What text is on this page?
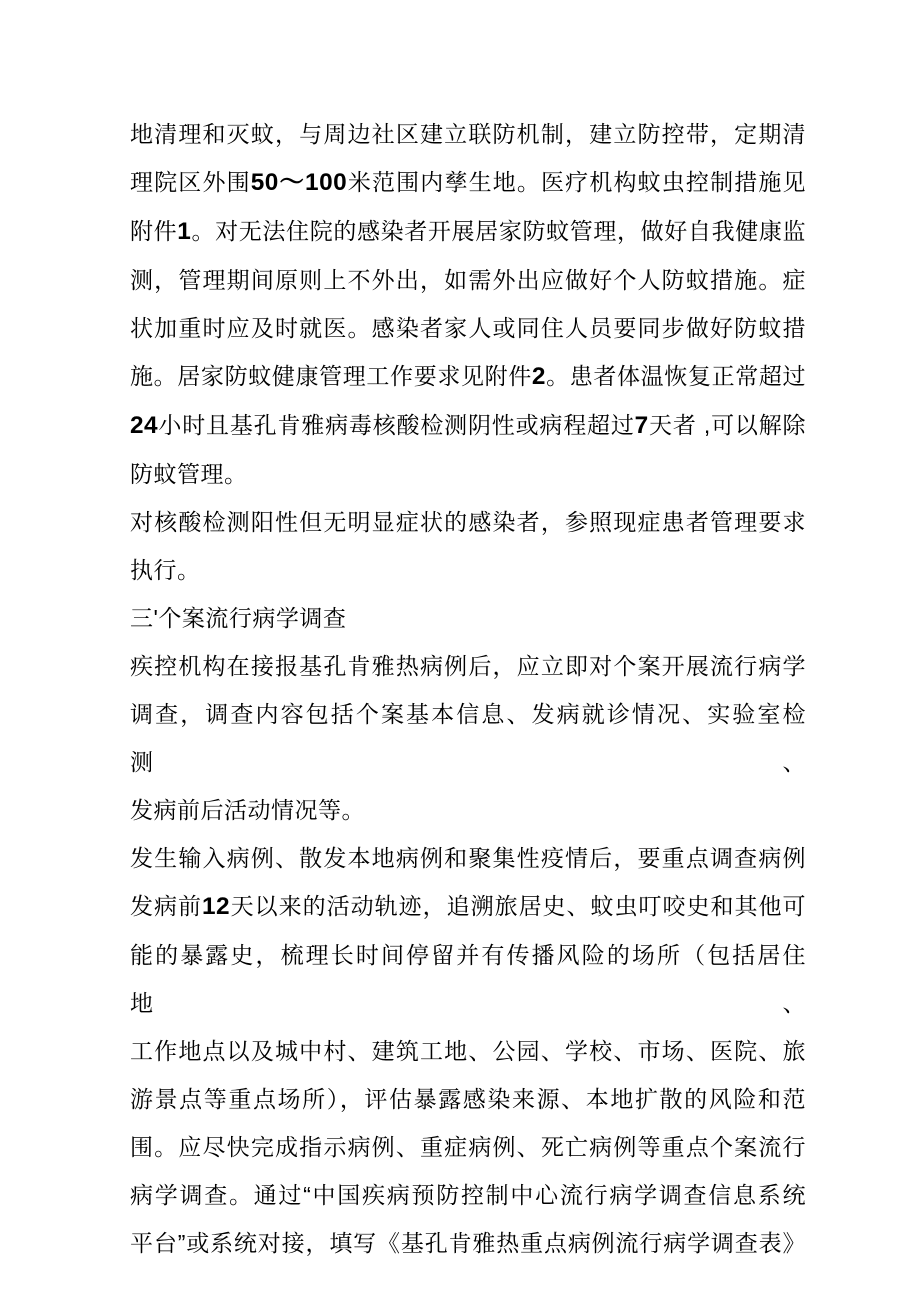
地清理和灭蚊，与周边社区建立联防机制，建立防控带，定期清
理院区外围50〜100米范围内孳生地。医疗机构蚊虫控制措施见
附件1。对无法住院的感染者开展居家防蚊管理，做好自我健康监
测，管理期间原则上不外出，如需外出应做好个人防蚊措施。症
状加重时应及时就医。感染者家人或同住人员要同步做好防蚊措
施。居家防蚊健康管理工作要求见附件2。患者体温恢复正常超过
24小时且基孔肯雅病毒核酸检测阴性或病程超过7天者 ,可以解除
防蚊管理。
对核酸检测阳性但无明显症状的感染者，参照现症患者管理要求
执行。
三'个案流行病学调查
疾控机构在接报基孔肯雅热病例后，应立即对个案开展流行病学
调查，调查内容包括个案基本信息、发病就诊情况、实验室检测、
发病前后活动情况等。
发生输入病例、散发本地病例和聚集性疫情后，要重点调查病例
发病前12天以来的活动轨迹，追溯旅居史、蚊虫叮咬史和其他可
能的暴露史，梳理长时间停留并有传播风险的场所（包括居住地、
工作地点以及城中村、建筑工地、公园、学校、市场、医院、旅
游景点等重点场所），评估暴露感染来源、本地扩散的风险和范
围。应尽快完成指示病例、重症病例、死亡病例等重点个案流行
病学调查。通过“中国疾病预防控制中心流行病学调查信息系统
平台”或系统对接，填写《基孔肯雅热重点病例流行病学调查表》
